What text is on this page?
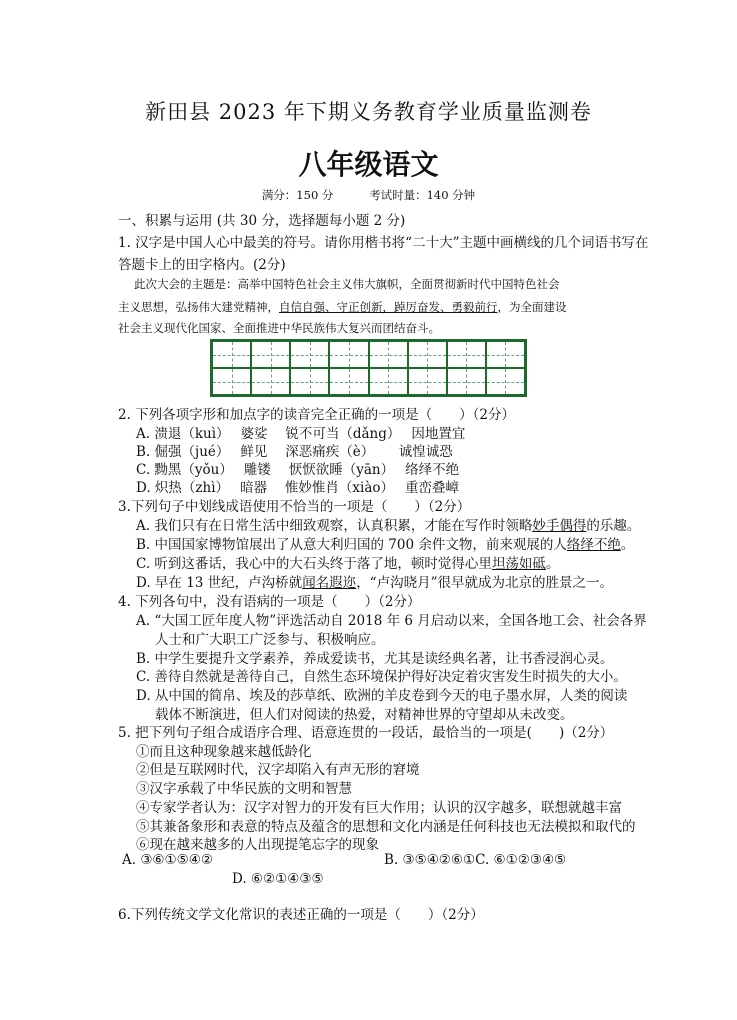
新田县 2023 年下期义务教育学业质量监测卷
八年级语文
满分：150 分	考试时量：140 分钟
一、积累与运用 (共 30 分，选择题每小题 2 分)
1. 汉字是中国人心中最美的符号。请你用楷书将“二十大”主题中画横线的几个词语书写在
答题卡上的田字格内。(2分)
此次大会的主题是：高举中国特色社会主义伟大旗帜，全面贯彻新时代中国特色社会
主义思想，弘扬伟大建党精神，自信自强、守正创新，踔厉奋发、勇毅前行，为全面建设
社会主义现代化国家、全面推进中华民族伟大复兴而团结奋斗。
2. 下列各项字形和加点字的读音完全正确的一项是（　　）（2分）
A. 溃退（kuì）　 婆娑　 锐不可当（dǎng）　 因地置宜
B. 倔强（jué）　 鲜见　 深恶痛疾（è）　　 诚惶诚恐
C. 黝黑（yǒu）　 雕镂　 恹恹欲睡（yān）　 络绎不绝
D. 炽热（zhì）　 暗器　 惟妙惟肖（xiào）　 重峦叠嶂
3.下列句子中划线成语使用不恰当的一项是（　　）（2分）
A. 我们只有在日常生活中细致观察，认真积累，才能在写作时领略妙手偶得的乐趣。
B. 中国国家博物馆展出了从意大利归国的 700 余件文物，前来观展的人络绎不绝。
C. 听到这番话，我心中的大石头终于落了地，顿时觉得心里坦荡如砥。
D. 早在 13 世纪，卢沟桥就闻名遐迩，“卢沟晓月”很早就成为北京的胜景之一。
4. 下列各句中，没有语病的一项是（　　）（2分）
A. “大国工匠年度人物”评选活动自 2018 年 6 月启动以来，全国各地工会、社会各界
人士和广大职工广泛参与、积极响应。
B. 中学生要提升文学素养，养成爱读书，尤其是读经典名著，让书香浸润心灵。
C. 善待自然就是善待自己，自然生态环境保护得好决定着灾害发生时损失的大小。
D. 从中国的简帛、埃及的莎草纸、欧洲的羊皮卷到今天的电子墨水屏，人类的阅读
载体不断演进，但人们对阅读的热爱，对精神世界的守望却从未改变。
5. 把下列句子组合成语序合理、语意连贯的一段话，最恰当的一项是(　　)（2分）
①而且这种现象越来越低龄化
②但是互联网时代，汉字却陷入有声无形的窘境
③汉字承载了中华民族的文明和智慧
④专家学者认为：汉字对智力的开发有巨大作用；认识的汉字越多，联想就越丰富
⑤其兼备象形和表意的特点及蕴含的思想和文化内涵是任何科技也无法模拟和取代的
⑥现在越来越多的人出现提笔忘字的现象
A. ③⑥①⑤④②	B. ③⑤④②⑥①C. ⑥①②③④⑤
D. ⑥②①④③⑤
6.下列传统文学文化常识的表述正确的一项是（　　）（2分）
